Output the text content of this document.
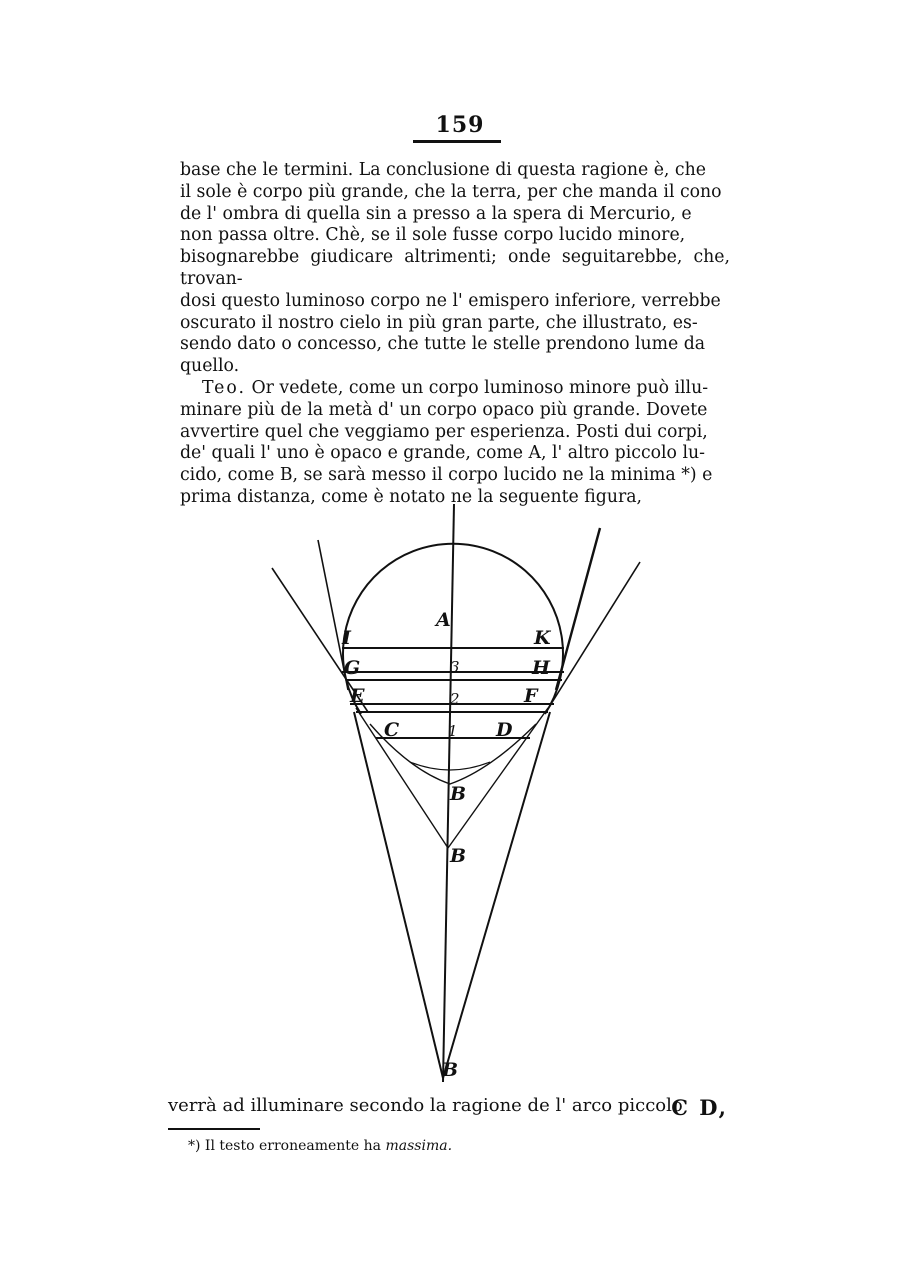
159

base che le termini. La conclusione di questa ragione è, che
il sole è corpo più grande, che la terra, per che manda il cono
de l' ombra di quella sin a presso a la spera di Mercurio, e
non passa oltre. Chè, se il sole fusse corpo lucido minore,
bisognarebbe giudicare altrimenti; onde seguitarebbe, che, trovan-
dosi questo luminoso corpo ne l' emispero inferiore, verrebbe
oscurato il nostro cielo in più gran parte, che illustrato, es-
sendo dato o concesso, che tutte le stelle prendono lume da
quello.

Teo. Or vedete, come un corpo luminoso minore può illu-
minare più de la metà d' un corpo opaco più grande. Dovete
avvertire quel che veggiamo per esperienza. Posti dui corpi,
de' quali l' uno è opaco e grande, come A, l' altro piccolo lu-
cido, come B, se sarà messo il corpo lucido ne la minima *) e
prima distanza, come è notato ne la seguente figura,

A
I	K
G	H
E	F
C	D
3
2
1
B
B
B
verrà ad illuminare secondo la ragione de l' arco piccolo
C D,
*) Il testo erroneamente ha massima.
